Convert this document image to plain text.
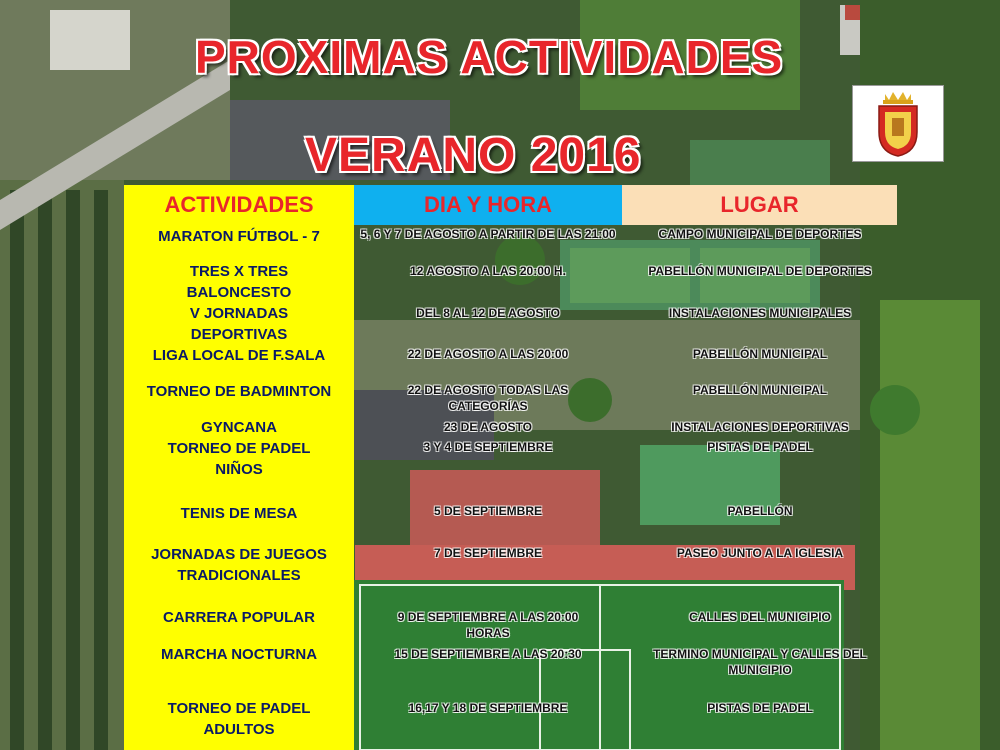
PROXIMAS ACTIVIDADES
VERANO 2016
ACTIVIDADES	DIA Y HORA	LUGAR
MARATON FÚTBOL - 7
TRES X TRES BALONCESTO
V JORNADAS DEPORTIVAS
LIGA LOCAL DE F.SALA
TORNEO DE BADMINTON
GYNCANA
TORNEO DE PADEL NIÑOS
TENIS DE MESA
JORNADAS DE JUEGOS TRADICIONALES
CARRERA POPULAR
MARCHA NOCTURNA
TORNEO DE PADEL ADULTOS
5, 6 Y 7 DE AGOSTO A PARTIR DE LAS 21:00
12 AGOSTO A LAS 20:00 H.
DEL 8 AL 12 DE AGOSTO
22 DE AGOSTO A LAS 20:00
22 DE AGOSTO TODAS LAS CATEGORÍAS
23 DE AGOSTO
3 Y 4 DE SEPTIEMBRE
5 DE SEPTIEMBRE
7 DE SEPTIEMBRE
9 DE SEPTIEMBRE A LAS 20:00 HORAS
15 DE SEPTIEMBRE A LAS 20:30
16,17 Y 18 DE SEPTIEMBRE
CAMPO MUNICIPAL DE DEPORTES
PABELLÓN MUNICIPAL DE DEPORTES
INSTALACIONES MUNICIPALES
PABELLÓN MUNICIPAL
PABELLÓN MUNICIPAL
INSTALACIONES DEPORTIVAS
PISTAS DE PADEL
PABELLÓN
PASEO JUNTO A LA IGLESIA
CALLES DEL MUNICIPIO
TERMINO MUNICIPAL Y CALLES DEL MUNICIPIO
PISTAS DE PADEL
